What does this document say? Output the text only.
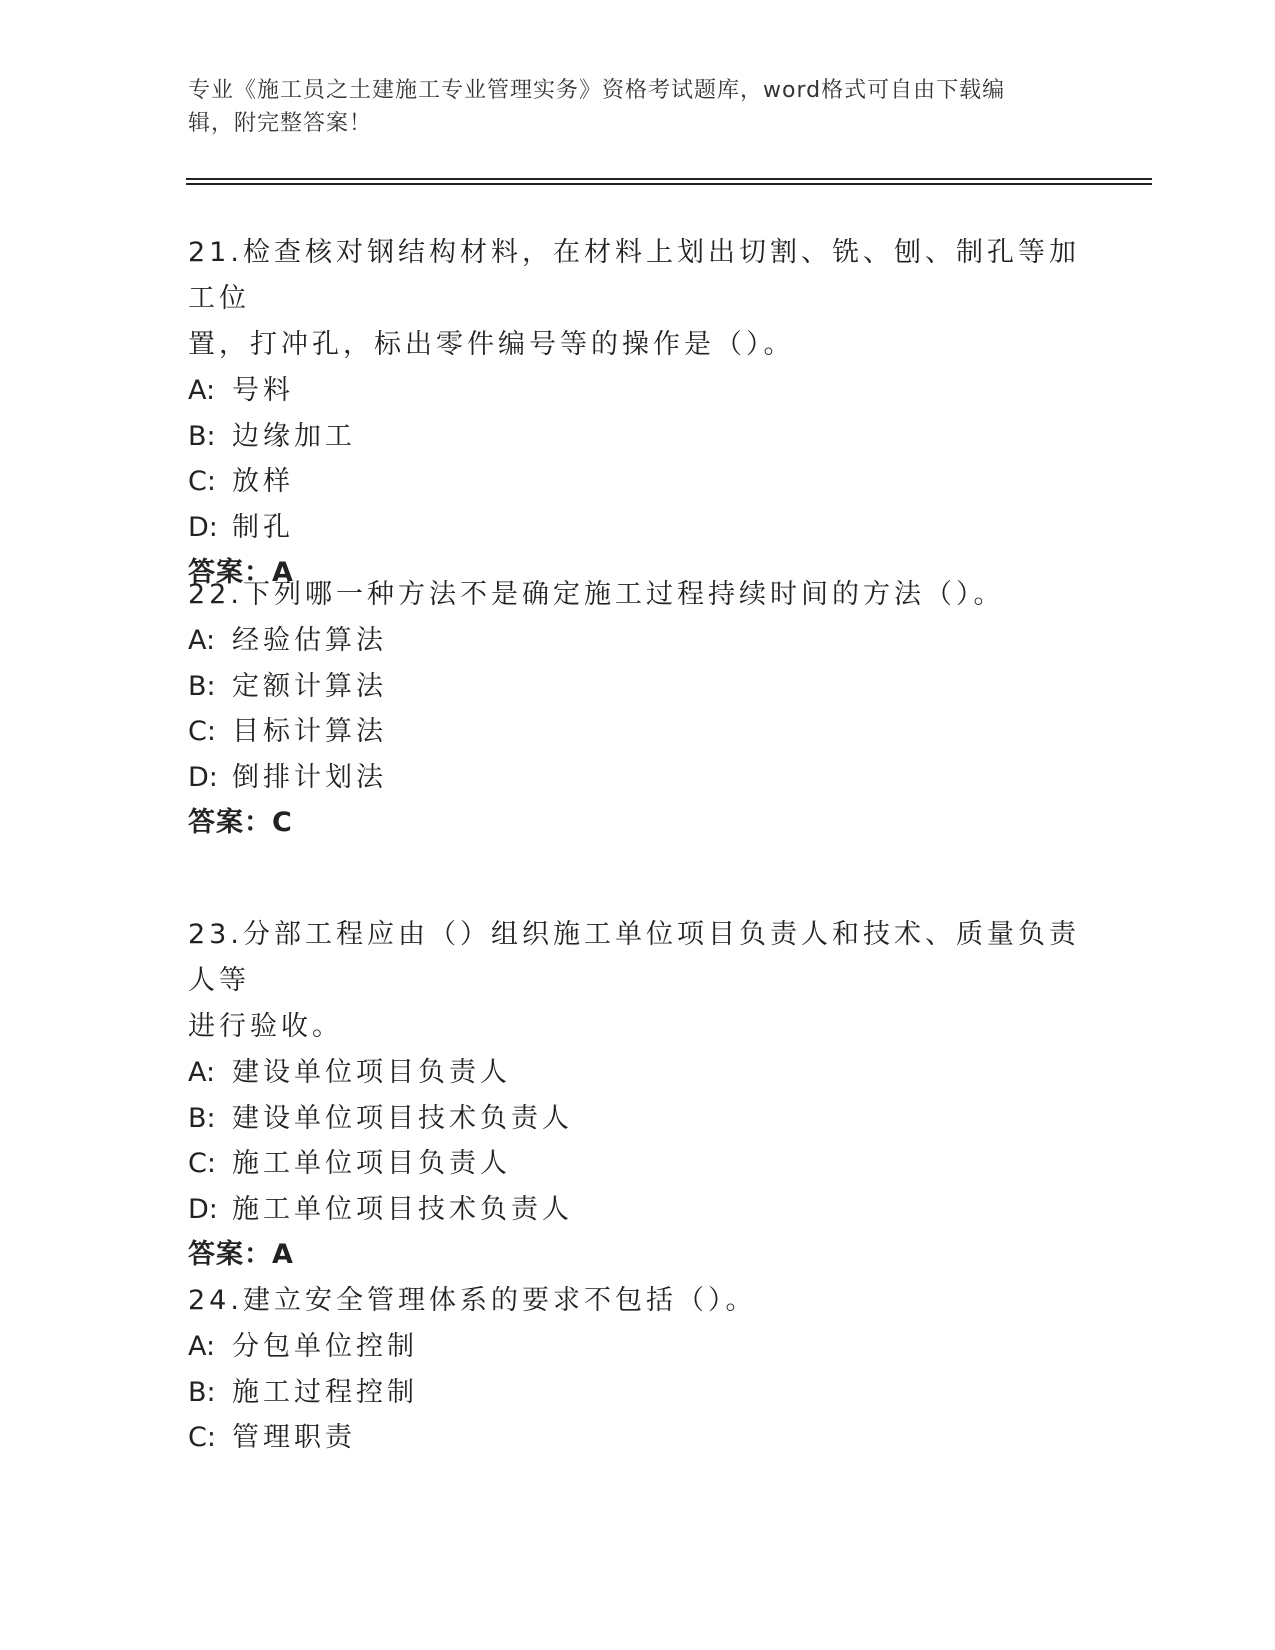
专业《施工员之土建施工专业管理实务》资格考试题库，word格式可自由下载编
辑，附完整答案！

21.检查核对钢结构材料，在材料上划出切割、铣、刨、制孔等加工位

置，打冲孔，标出零件编号等的操作是（）。

A: 号料

B: 边缘加工

C: 放样

D: 制孔

答案：A

22.下列哪一种方法不是确定施工过程持续时间的方法（）。

A: 经验估算法

B: 定额计算法

C: 目标计算法

D: 倒排计划法

答案：C

23.分部工程应由（）组织施工单位项目负责人和技术、质量负责人等

进行验收。

A: 建设单位项目负责人

B: 建设单位项目技术负责人

C: 施工单位项目负责人

D: 施工单位项目技术负责人

答案：A

24.建立安全管理体系的要求不包括（）。

A: 分包单位控制

B: 施工过程控制

C: 管理职责
